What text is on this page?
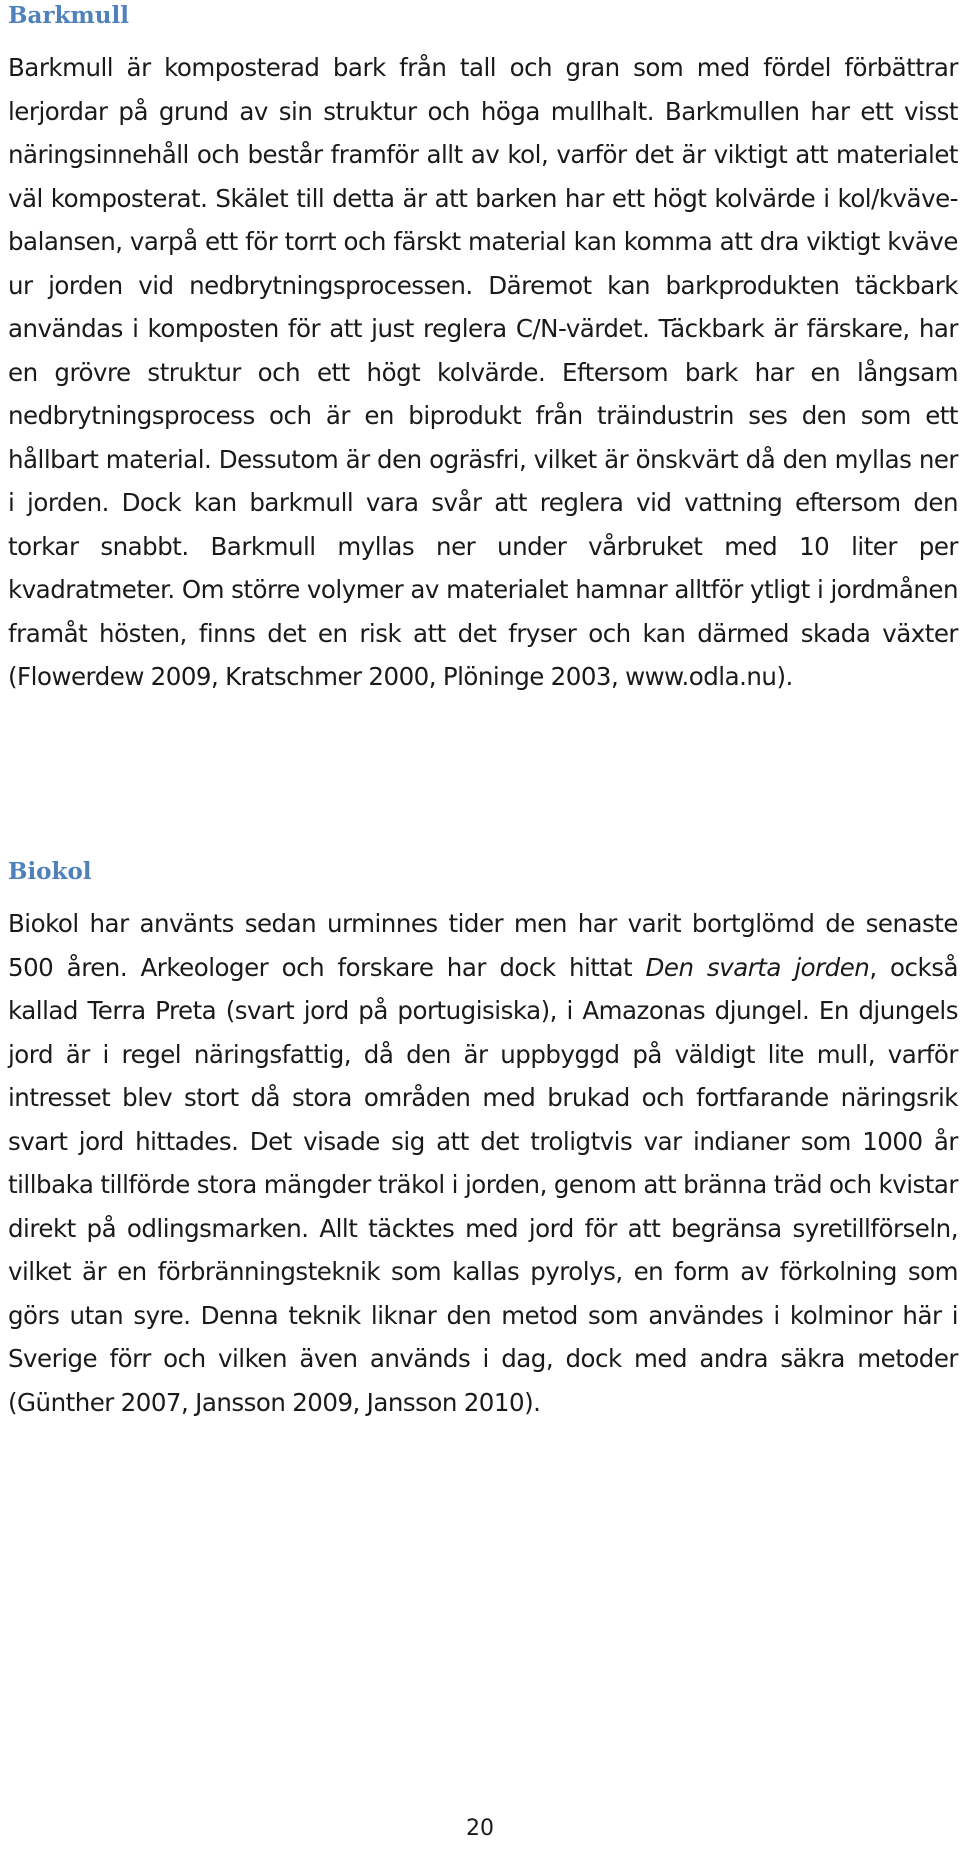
Barkmull

Barkmull är komposterad bark från tall och gran som med fördel förbättrar lerjordar på grund av sin struktur och höga mullhalt. Barkmullen har ett visst näringsinnehåll och består framför allt av kol, varför det är viktigt att materialet väl komposterat. Skälet till detta är att barken har ett högt kolvärde i kol/kväve-balansen, varpå ett för torrt och färskt material kan komma att dra viktigt kväve ur jorden vid nedbrytningsprocessen. Däremot kan barkprodukten täckbark användas i komposten för att just reglera C/N-värdet. Täckbark är färskare, har en grövre struktur och ett högt kolvärde. Eftersom bark har en långsam nedbrytningsprocess och är en biprodukt från träindustrin ses den som ett hållbart material. Dessutom är den ogräsfri, vilket är önskvärt då den myllas ner i jorden. Dock kan barkmull vara svår att reglera vid vattning eftersom den torkar snabbt. Barkmull myllas ner under vårbruket med 10 liter per kvadratmeter. Om större volymer av materialet hamnar alltför ytligt i jordmånen framåt hösten, finns det en risk att det fryser och kan därmed skada växter (Flowerdew 2009, Kratschmer 2000, Plöninge 2003, www.odla.nu).

Biokol

Biokol har använts sedan urminnes tider men har varit bortglömd de senaste 500 åren. Arkeologer och forskare har dock hittat Den svarta jorden, också kallad Terra Preta (svart jord på portugisiska), i Amazonas djungel. En djungels jord är i regel näringsfattig, då den är uppbyggd på väldigt lite mull, varför intresset blev stort då stora områden med brukad och fortfarande näringsrik svart jord hittades. Det visade sig att det troligtvis var indianer som 1000 år tillbaka tillförde stora mängder träkol i jorden, genom att bränna träd och kvistar direkt på odlingsmarken. Allt täcktes med jord för att begränsa syretillförseln, vilket är en förbränningsteknik som kallas pyrolys, en form av förkolning som görs utan syre. Denna teknik liknar den metod som användes i kolminor här i Sverige förr och vilken även används i dag, dock med andra säkra metoder (Günther 2007, Jansson 2009, Jansson 2010).

20
